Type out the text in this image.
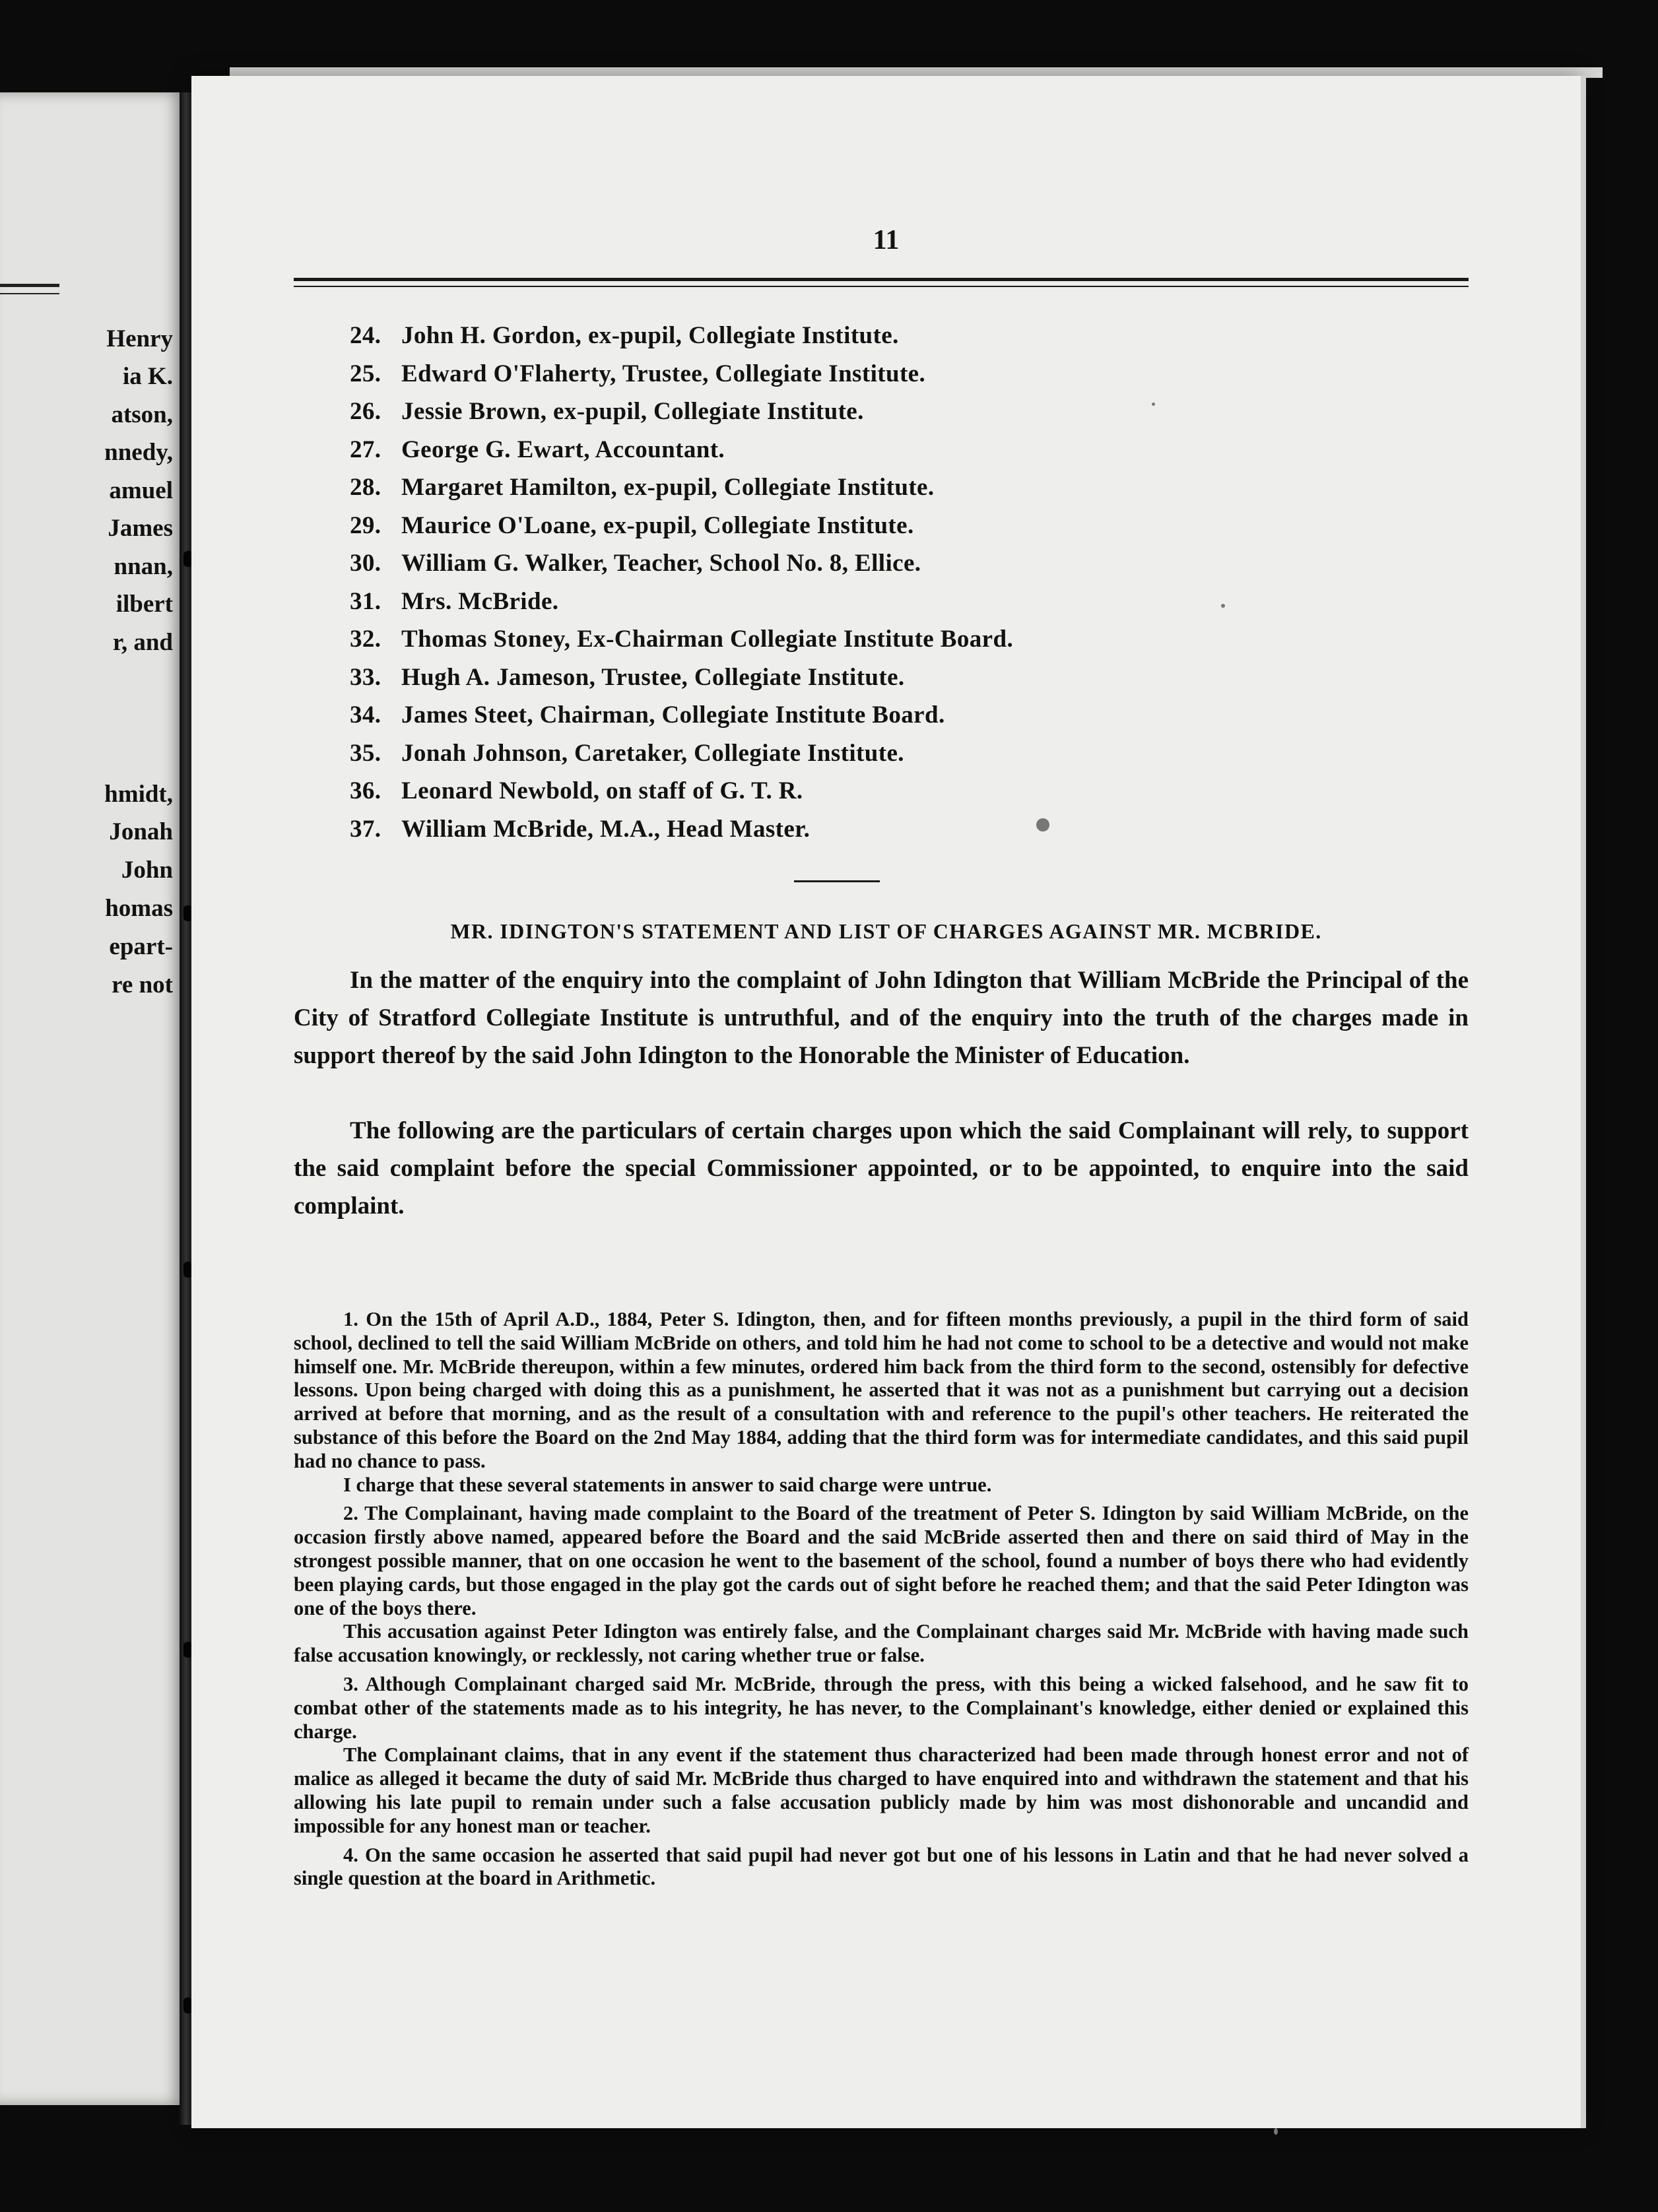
Henry
ia K.
atson,
nnedy,
amuel
James
nnan,
ilbert
r, and
hmidt,
Jonah
John
homas
epart-
re not
11
24. John H. Gordon, ex-pupil, Collegiate Institute.
25. Edward O'Flaherty, Trustee, Collegiate Institute.
26. Jessie Brown, ex-pupil, Collegiate Institute.
27. George G. Ewart, Accountant.
28. Margaret Hamilton, ex-pupil, Collegiate Institute.
29. Maurice O'Loane, ex-pupil, Collegiate Institute.
30. William G. Walker, Teacher, School No. 8, Ellice.
31. Mrs. McBride.
32. Thomas Stoney, Ex-Chairman Collegiate Institute Board.
33. Hugh A. Jameson, Trustee, Collegiate Institute.
34. James Steet, Chairman, Collegiate Institute Board.
35. Jonah Johnson, Caretaker, Collegiate Institute.
36. Leonard Newbold, on staff of G. T. R.
37. William McBride, M.A., Head Master.
MR. IDINGTON'S STATEMENT AND LIST OF CHARGES AGAINST MR. MCBRIDE.

In the matter of the enquiry into the complaint of John Idington that William McBride the Principal of the City of Stratford Collegiate Institute is untruthful, and of the enquiry into the truth of the charges made in support thereof by the said John Idington to the Honorable the Minister of Education.

The following are the particulars of certain charges upon which the said Complainant will rely, to support the said complaint before the special Commissioner appointed, or to be appointed, to enquire into the said complaint.

1. On the 15th of April A.D., 1884, Peter S. Idington, then, and for fifteen months previously, a pupil in the third form of said school, declined to tell the said William McBride on others, and told him he had not come to school to be a detective and would not make himself one. Mr. McBride thereupon, within a few minutes, ordered him back from the third form to the second, ostensibly for defective lessons. Upon being charged with doing this as a punishment, he asserted that it was not as a punishment but carrying out a decision arrived at before that morning, and as the result of a consultation with and reference to the pupil's other teachers. He reiterated the substance of this before the Board on the 2nd May 1884, adding that the third form was for intermediate candidates, and this said pupil had no chance to pass.

I charge that these several statements in answer to said charge were untrue.

2. The Complainant, having made complaint to the Board of the treatment of Peter S. Idington by said William McBride, on the occasion firstly above named, appeared before the Board and the said McBride asserted then and there on said third of May in the strongest possible manner, that on one occasion he went to the basement of the school, found a number of boys there who had evidently been playing cards, but those engaged in the play got the cards out of sight before he reached them; and that the said Peter Idington was one of the boys there.

This accusation against Peter Idington was entirely false, and the Complainant charges said Mr. McBride with having made such false accusation knowingly, or recklessly, not caring whether true or false.

3. Although Complainant charged said Mr. McBride, through the press, with this being a wicked falsehood, and he saw fit to combat other of the statements made as to his integrity, he has never, to the Complainant's knowledge, either denied or explained this charge.

The Complainant claims, that in any event if the statement thus characterized had been made through honest error and not of malice as alleged it became the duty of said Mr. McBride thus charged to have enquired into and withdrawn the statement and that his allowing his late pupil to remain under such a false accusation publicly made by him was most dishonorable and uncandid and impossible for any honest man or teacher.

4. On the same occasion he asserted that said pupil had never got but one of his lessons in Latin and that he had never solved a single question at the board in Arithmetic.
